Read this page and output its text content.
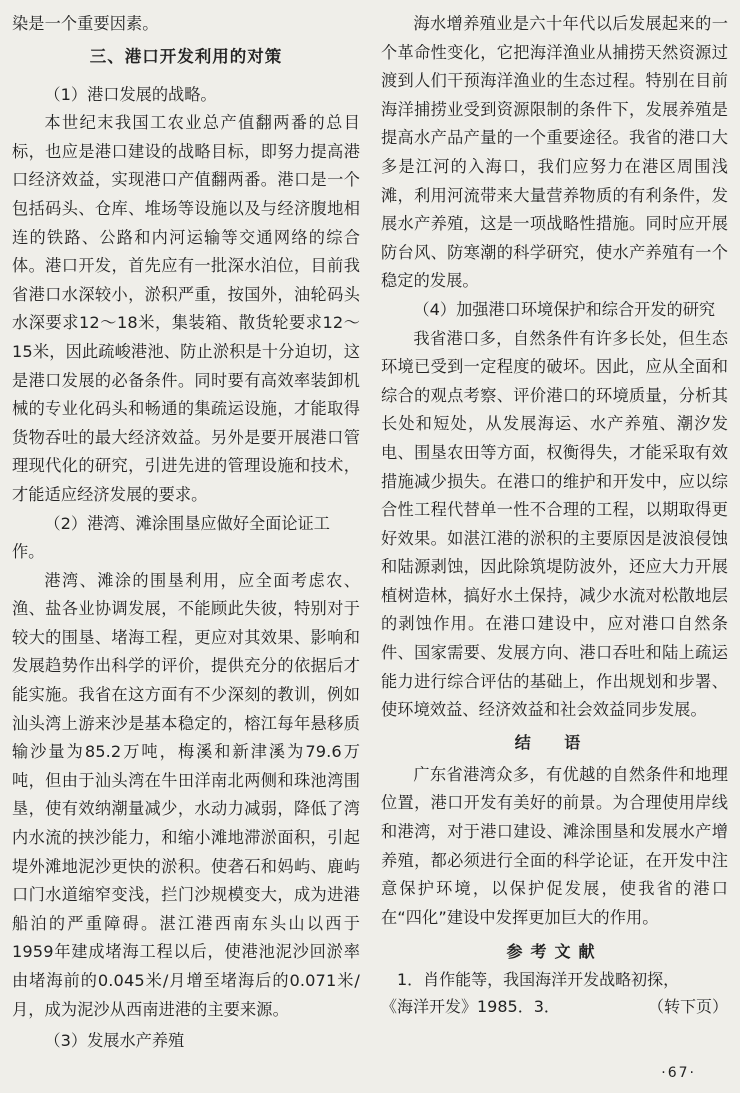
染是一个重要因素。

三、港口开发利用的对策

（1）港口发展的战略。

本世纪末我国工农业总产值翻两番的总目标，也应是港口建设的战略目标，即努力提高港口经济效益，实现港口产值翻两番。港口是一个包括码头、仓库、堆场等设施以及与经济腹地相连的铁路、公路和内河运输等交通网络的综合体。港口开发，首先应有一批深水泊位，目前我省港口水深较小，淤积严重，按国外，油轮码头水深要求12～18米，集装箱、散货轮要求12～15米，因此疏峻港池、防止淤积是十分迫切，这是港口发展的必备条件。同时要有高效率装卸机械的专业化码头和畅通的集疏运设施，才能取得货物吞吐的最大经济效益。另外是要开展港口管理现代化的研究，引进先进的管理设施和技术，才能适应经济发展的要求。

（2）港湾、滩涂围垦应做好全面论证工作。

港湾、滩涂的围垦利用，应全面考虑农、渔、盐各业协调发展，不能顾此失彼，特别对于较大的围垦、堵海工程，更应对其效果、影响和发展趋势作出科学的评价，提供充分的依据后才能实施。我省在这方面有不少深刻的教训，例如汕头湾上游来沙是基本稳定的，榕江每年悬移质输沙量为85.2万吨，梅溪和新津溪为79.6万吨，但由于汕头湾在牛田洋南北两侧和珠池湾围垦，使有效纳潮量减少，水动力减弱，降低了湾内水流的挟沙能力，和缩小滩地滞淤面积，引起堤外滩地泥沙更快的淤积。使砻石和妈屿、鹿屿口门水道缩窄变浅，拦门沙规模变大，成为进港船泊的严重障碍。湛江港西南东头山以西于1959年建成堵海工程以后，使港池泥沙回淤率由堵海前的0.045米/月增至堵海后的0.071米/月，成为泥沙从西南进港的主要来源。

（3）发展水产养殖

海水增养殖业是六十年代以后发展起来的一个革命性变化，它把海洋渔业从捕捞天然资源过渡到人们干预海洋渔业的生态过程。特别在目前海洋捕捞业受到资源限制的条件下，发展养殖是提高水产品产量的一个重要途径。我省的港口大多是江河的入海口，我们应努力在港区周围浅滩，利用河流带来大量营养物质的有利条件，发展水产养殖，这是一项战略性措施。同时应开展防台风、防寒潮的科学研究，使水产养殖有一个稳定的发展。

（4）加强港口环境保护和综合开发的研究

我省港口多，自然条件有许多长处，但生态环境已受到一定程度的破坏。因此，应从全面和综合的观点考察、评价港口的环境质量，分析其长处和短处，从发展海运、水产养殖、潮汐发电、围垦农田等方面，权衡得失，才能采取有效措施减少损失。在港口的维护和开发中，应以综合性工程代替单一性不合理的工程，以期取得更好效果。如湛江港的淤积的主要原因是波浪侵蚀和陆源剥蚀，因此除筑堤防波外，还应大力开展植树造林，搞好水土保持，减少水流对松散地层的剥蚀作用。在港口建设中，应对港口自然条件、国家需要、发展方向、港口吞吐和陆上疏运能力进行综合评估的基础上，作出规划和步署、使环境效益、经济效益和社会效益同步发展。

结 语

广东省港湾众多，有优越的自然条件和地理位置，港口开发有美好的前景。为合理使用岸线和港湾，对于港口建设、滩涂围垦和发展水产增养殖，都必须进行全面的科学论证，在开发中注意保护环境，以保护促发展，使我省的港口在“四化”建设中发挥更加巨大的作用。

参考文献

1．肖作能等，我国海洋开发战略初探，

《海洋开发》1985．3．	（转下页）

·67·
